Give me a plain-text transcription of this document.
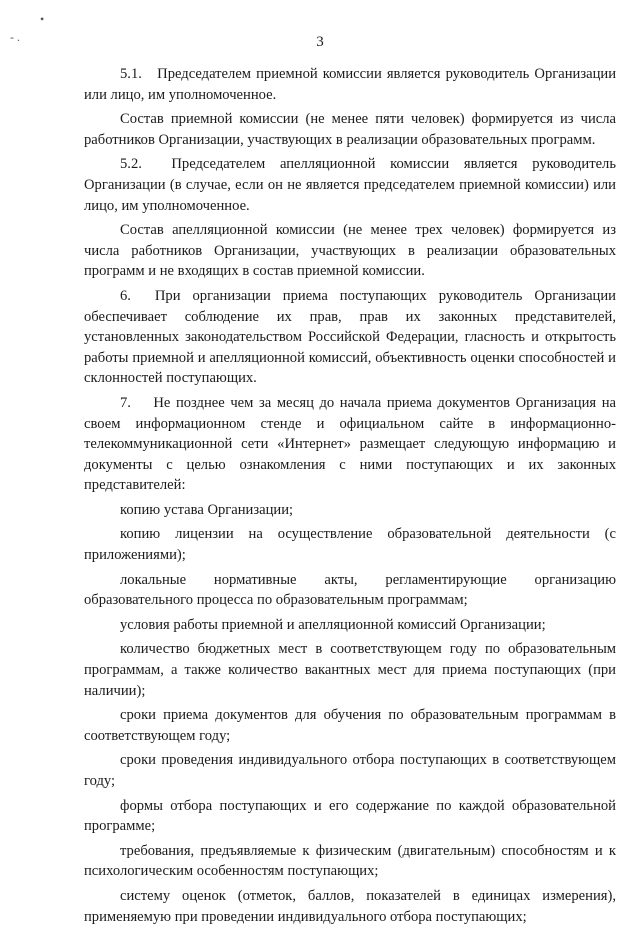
•
- .	3

5.1.   Председателем приемной комиссии является руководитель Организации или лицо, им уполномоченное.

Состав приемной комиссии (не менее пяти человек) формируется из числа работников Организации, участвующих в реализации образовательных программ.

5.2.  Председателем апелляционной комиссии является руководитель Организации (в случае, если он не является председателем приемной комиссии) или лицо, им уполномоченное.

Состав апелляционной комиссии (не менее трех человек) формируется из числа работников Организации, участвующих в реализации образовательных программ и не входящих в состав приемной комиссии.

6.  При организации приема поступающих руководитель Организации обеспечивает соблюдение их прав, прав их законных представителей, установленных законодательством Российской Федерации, гласность и открытость работы приемной и апелляционной комиссий, объективность оценки способностей и склонностей поступающих.

7.    Не позднее чем за месяц до начала приема документов Организация на своем информационном стенде и официальном сайте в информационно-телекоммуникационной сети «Интернет» размещает следующую информацию и документы с целью ознакомления с ними поступающих и их законных представителей:

копию устава Организации;

копию лицензии на осуществление образовательной деятельности (с приложениями);

локальные нормативные акты, регламентирующие организацию образовательного процесса по образовательным программам;

условия работы приемной и апелляционной комиссий Организации;

количество бюджетных мест в соответствующем году по образовательным программам, а также количество вакантных мест для приема поступающих (при наличии);

сроки приема документов для обучения по образовательным программам в соответствующем году;

сроки проведения индивидуального отбора поступающих в соответствующем году;

формы отбора поступающих и его содержание по каждой образовательной программе;

требования, предъявляемые к физическим (двигательным) способностям и к психологическим особенностям поступающих;

систему оценок (отметок, баллов, показателей в единицах измерения), применяемую при проведении индивидуального отбора поступающих;
